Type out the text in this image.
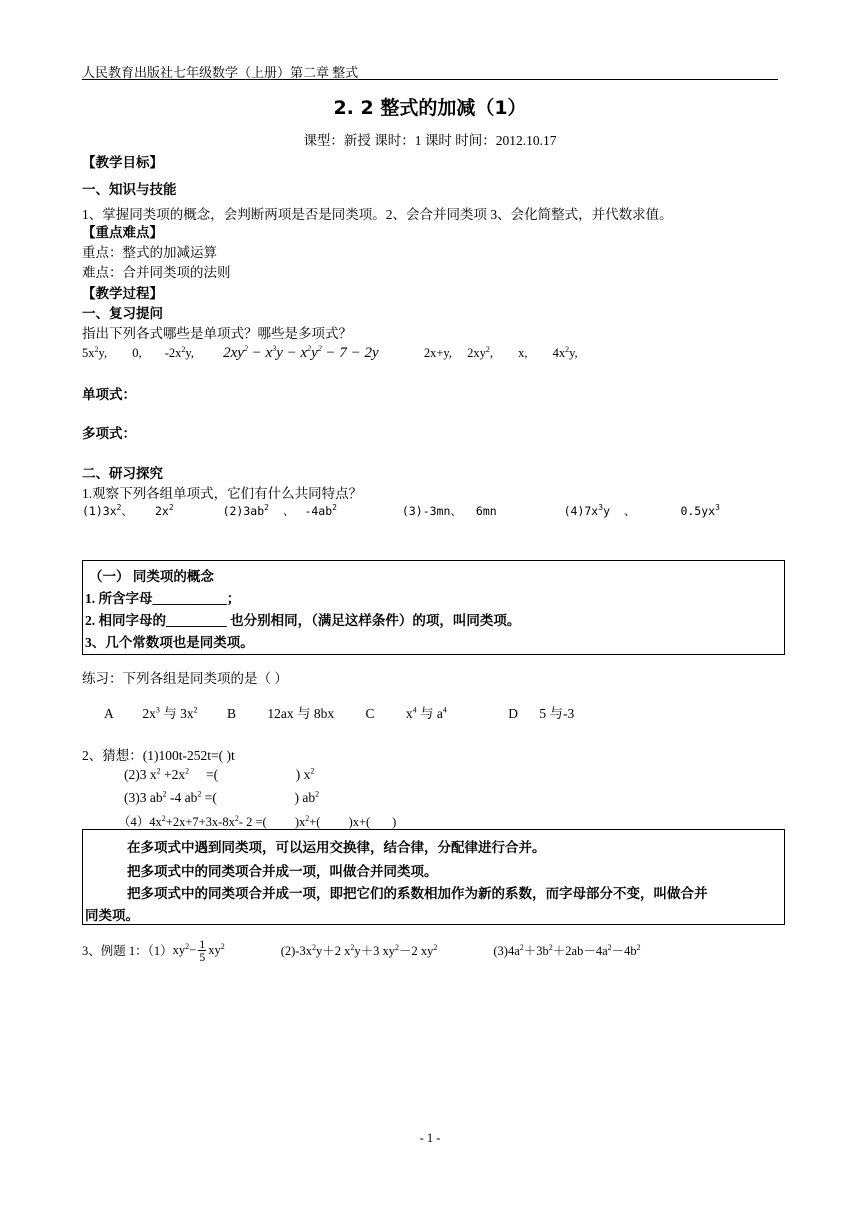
人民教育出版社七年级数学（上册）第二章 整式
2. 2 整式的加减（1）
课型：新授 课时：1 课时 时间：2012.10.17
【教学目标】
一、知识与技能
1、掌握同类项的概念，会判断两项是否是同类项。2、会合并同类项 3、会化简整式，并代数求值。
【重点难点】
重点：整式的加减运算
难点：合并同类项的法则
【教学过程】
一、复习提问
指出下列各式哪些是单项式？哪些是多项式？
$5x^2y$, 0, $-2x^2y$, $2xy^2 - x^3y - x^2y^2 - 7 - 2y$	2x+y, $2xy^2$, x, $4x^2y$,
单项式：
多项式：
二、研习探究
1.观察下列各组单项式，它们有什么共同特点？
$(1)3x^2$、 $2x^2$	$(2)3ab^2$ 、 $-4ab^2$	(3)-3mn、 6mn	$(4)7x^3y$ 、	$0.5yx^3$
（一） 同类项的概念
1. 所含字母___________；
2. 相同字母的_________ 也分别相同，（满足这样条件）的项，叫同类项。
3、几个常数项也是同类项。
练习：下列各组是同类项的是（ ）
A $2x^3$ 与 $3x^2$ B 12ax 与 8bx C $x^4$ 与 $a^4$	D 5 与-3
2、猜想：(1)100t-252t=( )t
(2)3 $x^2 +2x^2$     =(                       ) $x^2$
(3)3 $ab^2$ -4 $ab^2$ =(                       ) $ab^2$
$(4)4x^2+2x+7+3x-8x^2-$ 2 =(         )$x^2+$(         )x+(       )
在多项式中遇到同类项，可以运用交换律，结合律，分配律进行合并。
把多项式中的同类项合并成一项，叫做合并同类项。
把多项式中的同类项合并成一项，即把它们的系数相加作为新的系数，而字母部分不变，叫做合并
同类项。
3、例题 1：（1） $xy^2- \frac{1}{5} xy^2$	$(2)-3x^2y+2$ $x^2y+3$ $xy^2-2$ $xy^2$	$(3)4a^2+3b^2+2ab-4a^2-4b^2$
- 1 -
